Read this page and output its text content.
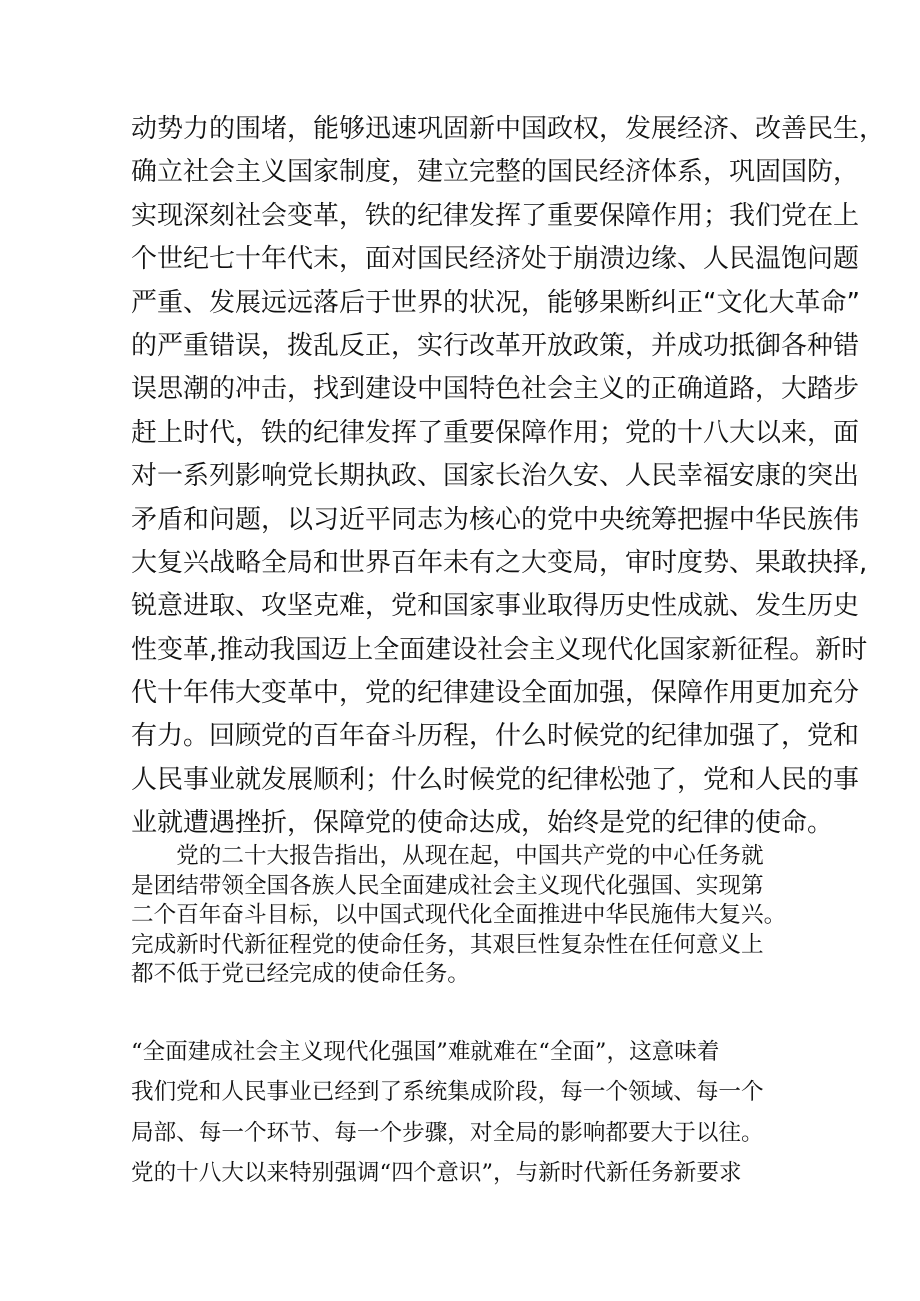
动势力的围堵，能够迅速巩固新中国政权，发展经济、改善民生，
确立社会主义国家制度，建立完整的国民经济体系，巩固国防，
实现深刻社会变革，铁的纪律发挥了重要保障作用；我们党在上
个世纪七十年代末，面对国民经济处于崩溃边缘、人民温饱问题
严重、发展远远落后于世界的状况，能够果断纠正“文化大革命”
的严重错误，拨乱反正，实行改革开放政策，并成功抵御各种错
误思潮的冲击，找到建设中国特色社会主义的正确道路，大踏步
赶上时代，铁的纪律发挥了重要保障作用；党的十八大以来，面
对一系列影响党长期执政、国家长治久安、人民幸福安康的突出
矛盾和问题，以习近平同志为核心的党中央统筹把握中华民族伟
大复兴战略全局和世界百年未有之大变局，审时度势、果敢抉择,
锐意进取、攻坚克难，党和国家事业取得历史性成就、发生历史
性变革,推动我国迈上全面建设社会主义现代化国家新征程。新时
代十年伟大变革中，党的纪律建设全面加强，保障作用更加充分
有力。回顾党的百年奋斗历程，什么时候党的纪律加强了，党和
人民事业就发展顺利；什么时候党的纪律松弛了，党和人民的事
业就遭遇挫折，保障党的使命达成，始终是党的纪律的使命。
　　党的二十大报告指出，从现在起，中国共产党的中心任务就
是团结带领全国各族人民全面建成社会主义现代化强国、实现第
二个百年奋斗目标，以中国式现代化全面推进中华民施伟大复兴。
完成新时代新征程党的使命任务，其艰巨性复杂性在任何意义上
都不低于党已经完成的使命任务。
“全面建成社会主义现代化强国”难就难在“全面”，这意味着
我们党和人民事业已经到了系统集成阶段，每一个领域、每一个
局部、每一个环节、每一个步骤，对全局的影响都要大于以往。
党的十八大以来特别强调“四个意识”，与新时代新任务新要求
